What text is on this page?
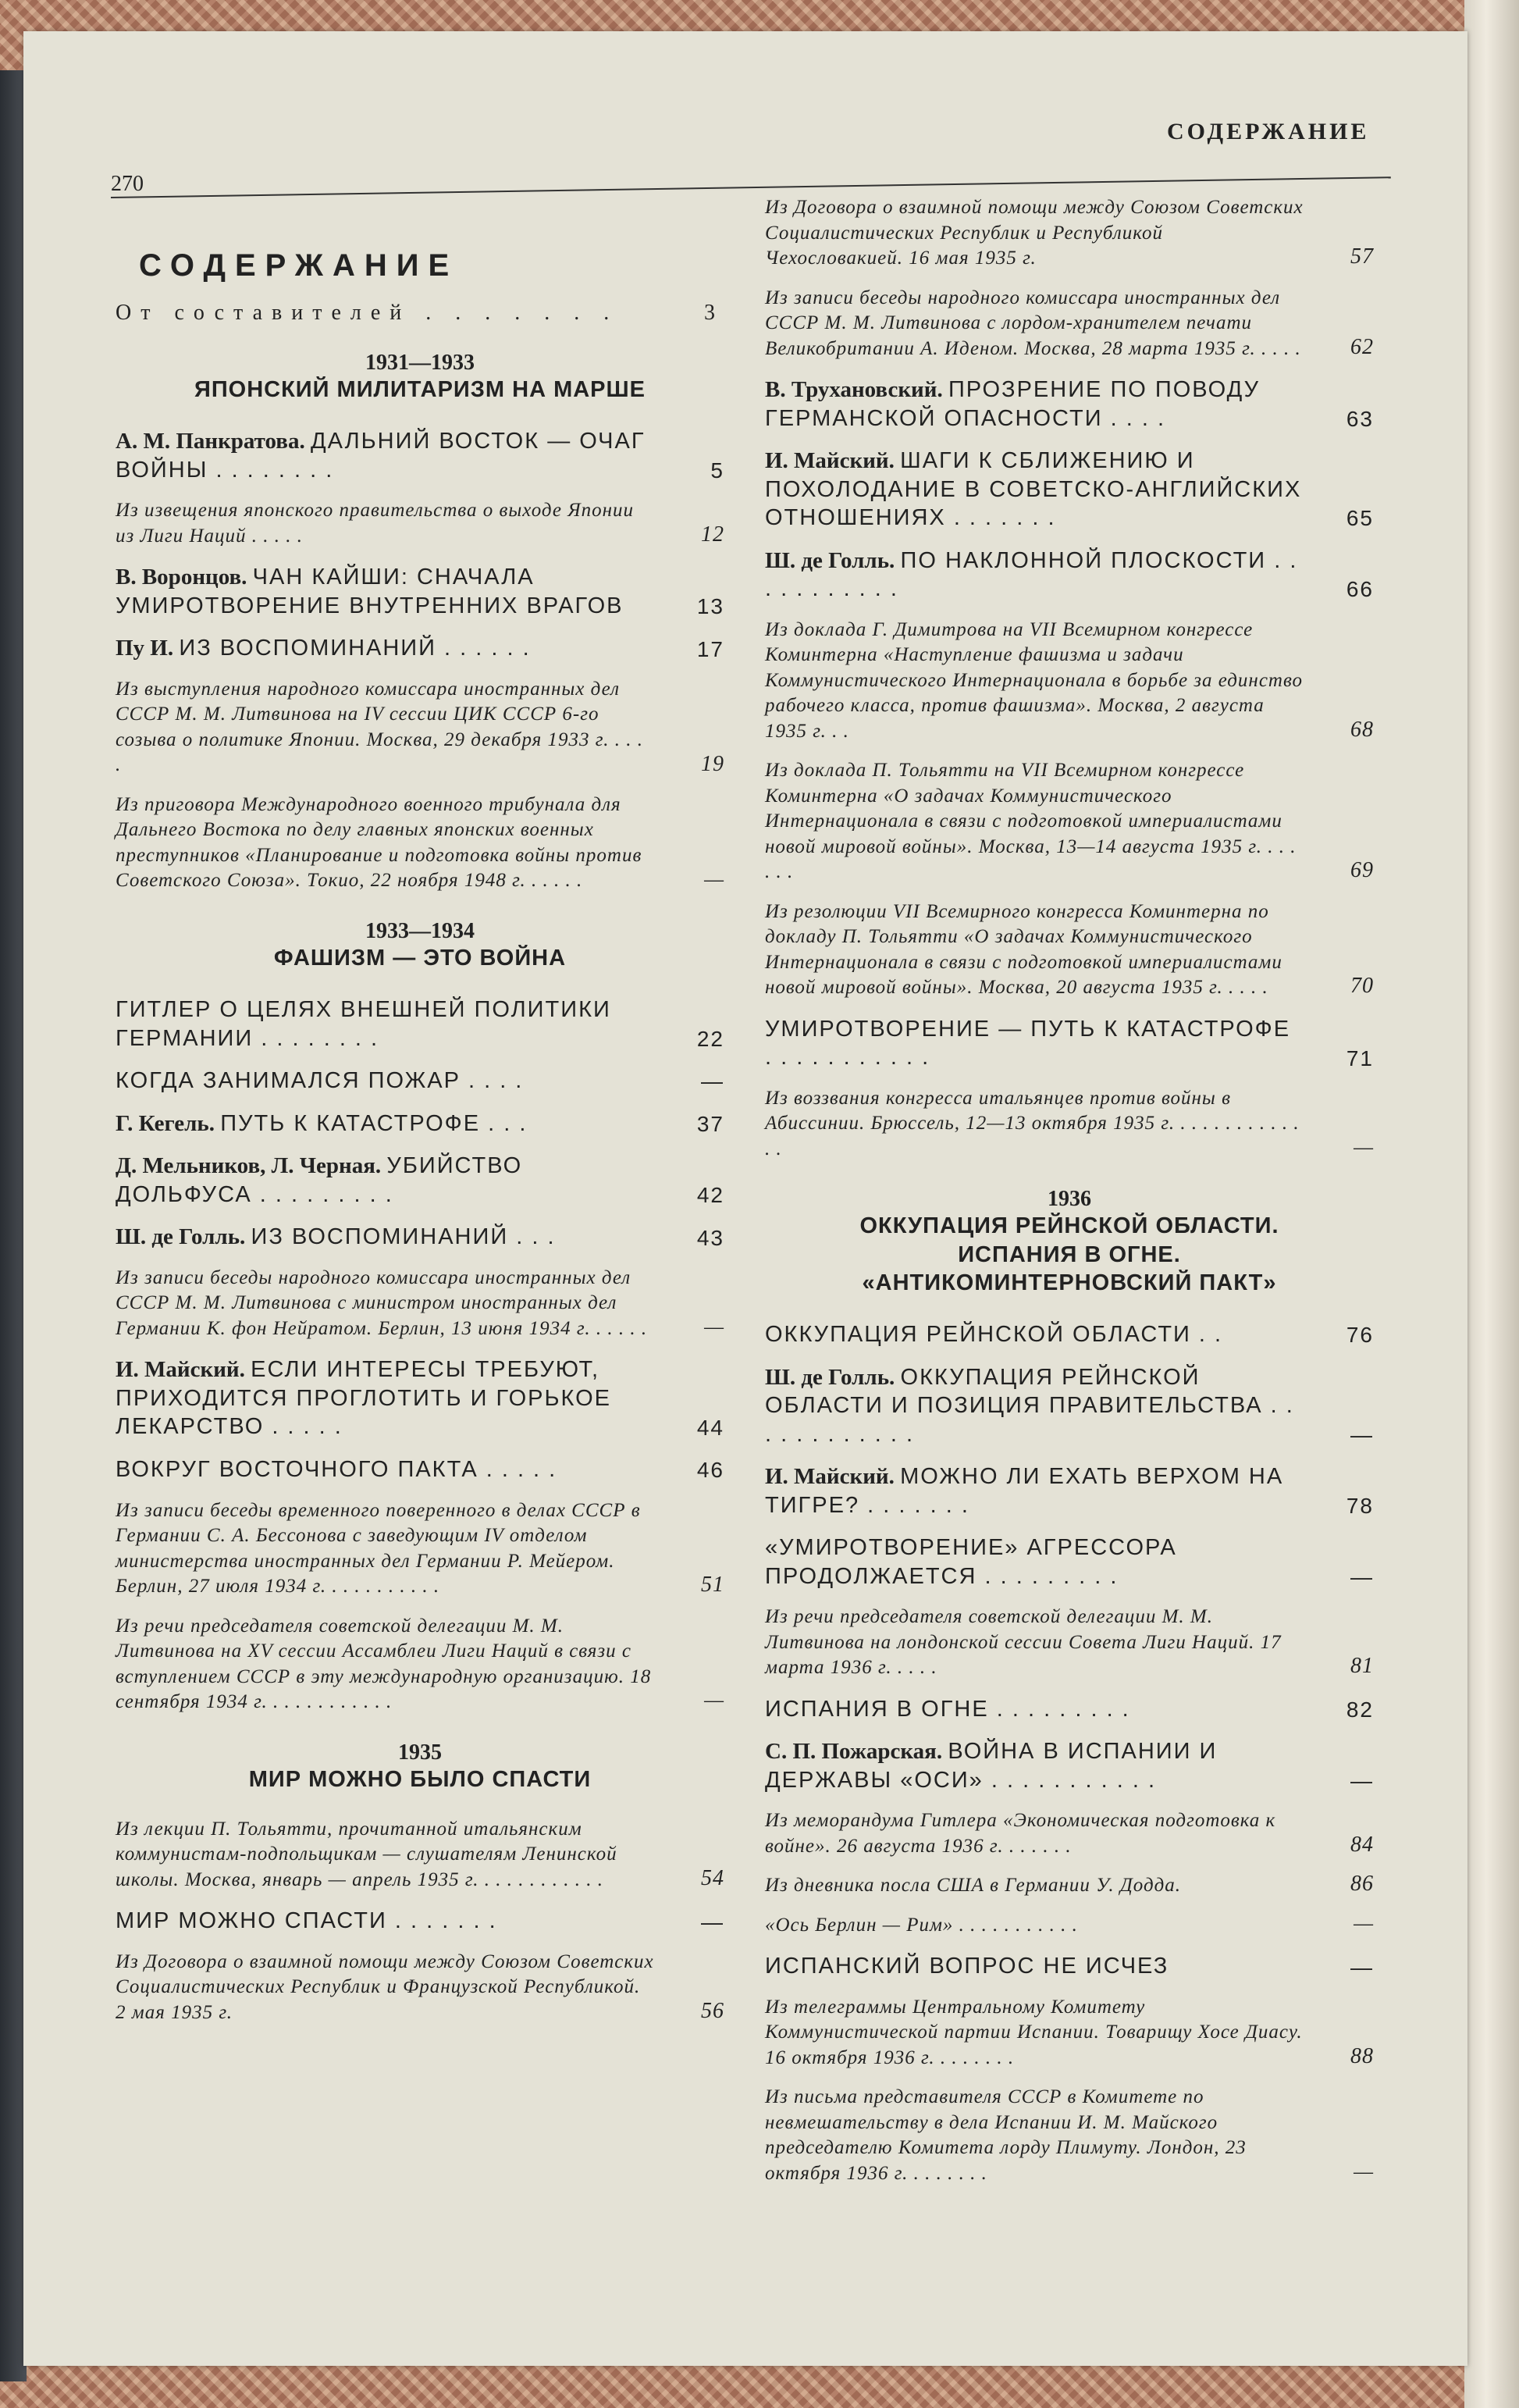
СОДЕРЖАНИЕ
270
СОДЕРЖАНИЕ
От составителей . . . . . . .	3
1931—1933
ЯПОНСКИЙ МИЛИТАРИЗМ НА МАРШЕ
А. М. Панкратова. ДАЛЬНИЙ ВОСТОК — ОЧАГ ВОЙНЫ . . . . . . . .	5
Из извещения японского правительства о выходе Японии из Лиги Наций . . . . .	12
В. Воронцов. ЧАН КАЙШИ: СНАЧАЛА УМИРОТВОРЕНИЕ ВНУТРЕННИХ ВРАГОВ	13
Пу И. ИЗ ВОСПОМИНАНИЙ . . . . . .	17
Из выступления народного комиссара иностранных дел СССР М. М. Литвинова на IV сессии ЦИК СССР 6-го созыва о политике Японии. Москва, 29 декабря 1933 г. . . . .	19
Из приговора Международного военного трибунала для Дальнего Востока по делу главных японских военных преступников «Планирование и подготовка войны против Советского Союза». Токио, 22 ноября 1948 г. . . . . .	—
1933—1934
ФАШИЗМ — ЭТО ВОЙНА
ГИТЛЕР О ЦЕЛЯХ ВНЕШНЕЙ ПОЛИТИКИ ГЕРМАНИИ . . . . . . . .	22
КОГДА ЗАНИМАЛСЯ ПОЖАР . . . .	—
Г. Кегель. ПУТЬ К КАТАСТРОФЕ . . .	37
Д. Мельников, Л. Черная. УБИЙСТВО ДОЛЬФУСА . . . . . . . . .	42
Ш. де Голль. ИЗ ВОСПОМИНАНИЙ . . .	43
Из записи беседы народного комиссара иностранных дел СССР М. М. Литвинова с министром иностранных дел Германии К. фон Нейратом. Берлин, 13 июня 1934 г. . . . . .	—
И. Майский. ЕСЛИ ИНТЕРЕСЫ ТРЕБУЮТ, ПРИХОДИТСЯ ПРОГЛОТИТЬ И ГОРЬКОЕ ЛЕКАРСТВО . . . . .	44
ВОКРУГ ВОСТОЧНОГО ПАКТА . . . . .	46
Из записи беседы временного поверенного в делах СССР в Германии С. А. Бессонова с заведующим IV отделом министерства иностранных дел Германии Р. Мейером. Берлин, 27 июля 1934 г. . . . . . . . . . .	51
Из речи председателя советской делегации М. М. Литвинова на XV сессии Ассамблеи Лиги Наций в связи с вступлением СССР в эту международную организацию. 18 сентября 1934 г. . . . . . . . . . . .	—
1935
МИР МОЖНО БЫЛО СПАСТИ
Из лекции П. Тольятти, прочитанной итальянским коммунистам-подпольщикам — слушателям Ленинской школы. Москва, январь — апрель 1935 г. . . . . . . . . . . .	54
МИР МОЖНО СПАСТИ . . . . . . .	—
Из Договора о взаимной помощи между Союзом Советских Социалистических Республик и Французской Республикой. 2 мая 1935 г.	56
Из Договора о взаимной помощи между Союзом Советских Социалистических Республик и Республикой Чехословакией. 16 мая 1935 г.	57
Из записи беседы народного комиссара иностранных дел СССР М. М. Литвинова с лордом-хранителем печати Великобритании А. Иденом. Москва, 28 марта 1935 г. . . . .	62
В. Трухановский. ПРОЗРЕНИЕ ПО ПОВОДУ ГЕРМАНСКОЙ ОПАСНОСТИ . . . .	63
И. Майский. ШАГИ К СБЛИЖЕНИЮ И ПОХОЛОДАНИЕ В СОВЕТСКО-АНГЛИЙСКИХ ОТНОШЕНИЯХ . . . . . . .	65
Ш. де Голль. ПО НАКЛОННОЙ ПЛОСКОСТИ . . . . . . . . . . .	66
Из доклада Г. Димитрова на VII Всемирном конгрессе Коминтерна «Наступление фашизма и задачи Коммунистического Интернационала в борьбе за единство рабочего класса, против фашизма». Москва, 2 августа 1935 г. . .	68
Из доклада П. Тольятти на VII Всемирном конгрессе Коминтерна «О задачах Коммунистического Интернационала в связи с подготовкой империалистами новой мировой войны». Москва, 13—14 августа 1935 г. . . . . . .	69
Из резолюции VII Всемирного конгресса Коминтерна по докладу П. Тольятти «О задачах Коммунистического Интернационала в связи с подготовкой империалистами новой мировой войны». Москва, 20 августа 1935 г. . . . .	70
УМИРОТВОРЕНИЕ — ПУТЬ К КАТАСТРОФЕ . . . . . . . . . . .	71
Из воззвания конгресса итальянцев против войны в Абиссинии. Брюссель, 12—13 октября 1935 г. . . . . . . . . . . . . .	—
1936
ОККУПАЦИЯ РЕЙНСКОЙ ОБЛАСТИ.
ИСПАНИЯ В ОГНЕ.
«АНТИКОМИНТЕРНОВСКИЙ ПАКТ»
ОККУПАЦИЯ РЕЙНСКОЙ ОБЛАСТИ . .	76
Ш. де Голль. ОККУПАЦИЯ РЕЙНСКОЙ ОБЛАСТИ И ПОЗИЦИЯ ПРАВИТЕЛЬСТВА . . . . . . . . . . . .	—
И. Майский. МОЖНО ЛИ ЕХАТЬ ВЕРХОМ НА ТИГРЕ? . . . . . . .	78
«УМИРОТВОРЕНИЕ» АГРЕССОРА ПРОДОЛЖАЕТСЯ . . . . . . . . .	—
Из речи председателя советской делегации М. М. Литвинова на лондонской сессии Совета Лиги Наций. 17 марта 1936 г. . . . .	81
ИСПАНИЯ В ОГНЕ . . . . . . . . .	82
С. П. Пожарская. ВОЙНА В ИСПАНИИ И ДЕРЖАВЫ «ОСИ» . . . . . . . . . . .	—
Из меморандума Гитлера «Экономическая подготовка к войне». 26 августа 1936 г. . . . . . .	84
Из дневника посла США в Германии У. Додда.	86
«Ось Берлин — Рим» . . . . . . . . . . .	—
ИСПАНСКИЙ ВОПРОС НЕ ИСЧЕЗ	—
Из телеграммы Центральному Комитету Коммунистической партии Испании. Товарищу Хосе Диасу. 16 октября 1936 г. . . . . . . .	88
Из письма представителя СССР в Комитете по невмешательству в дела Испании И. М. Майского председателю Комитета лорду Плимуту. Лондон, 23 октября 1936 г. . . . . . . .	—
